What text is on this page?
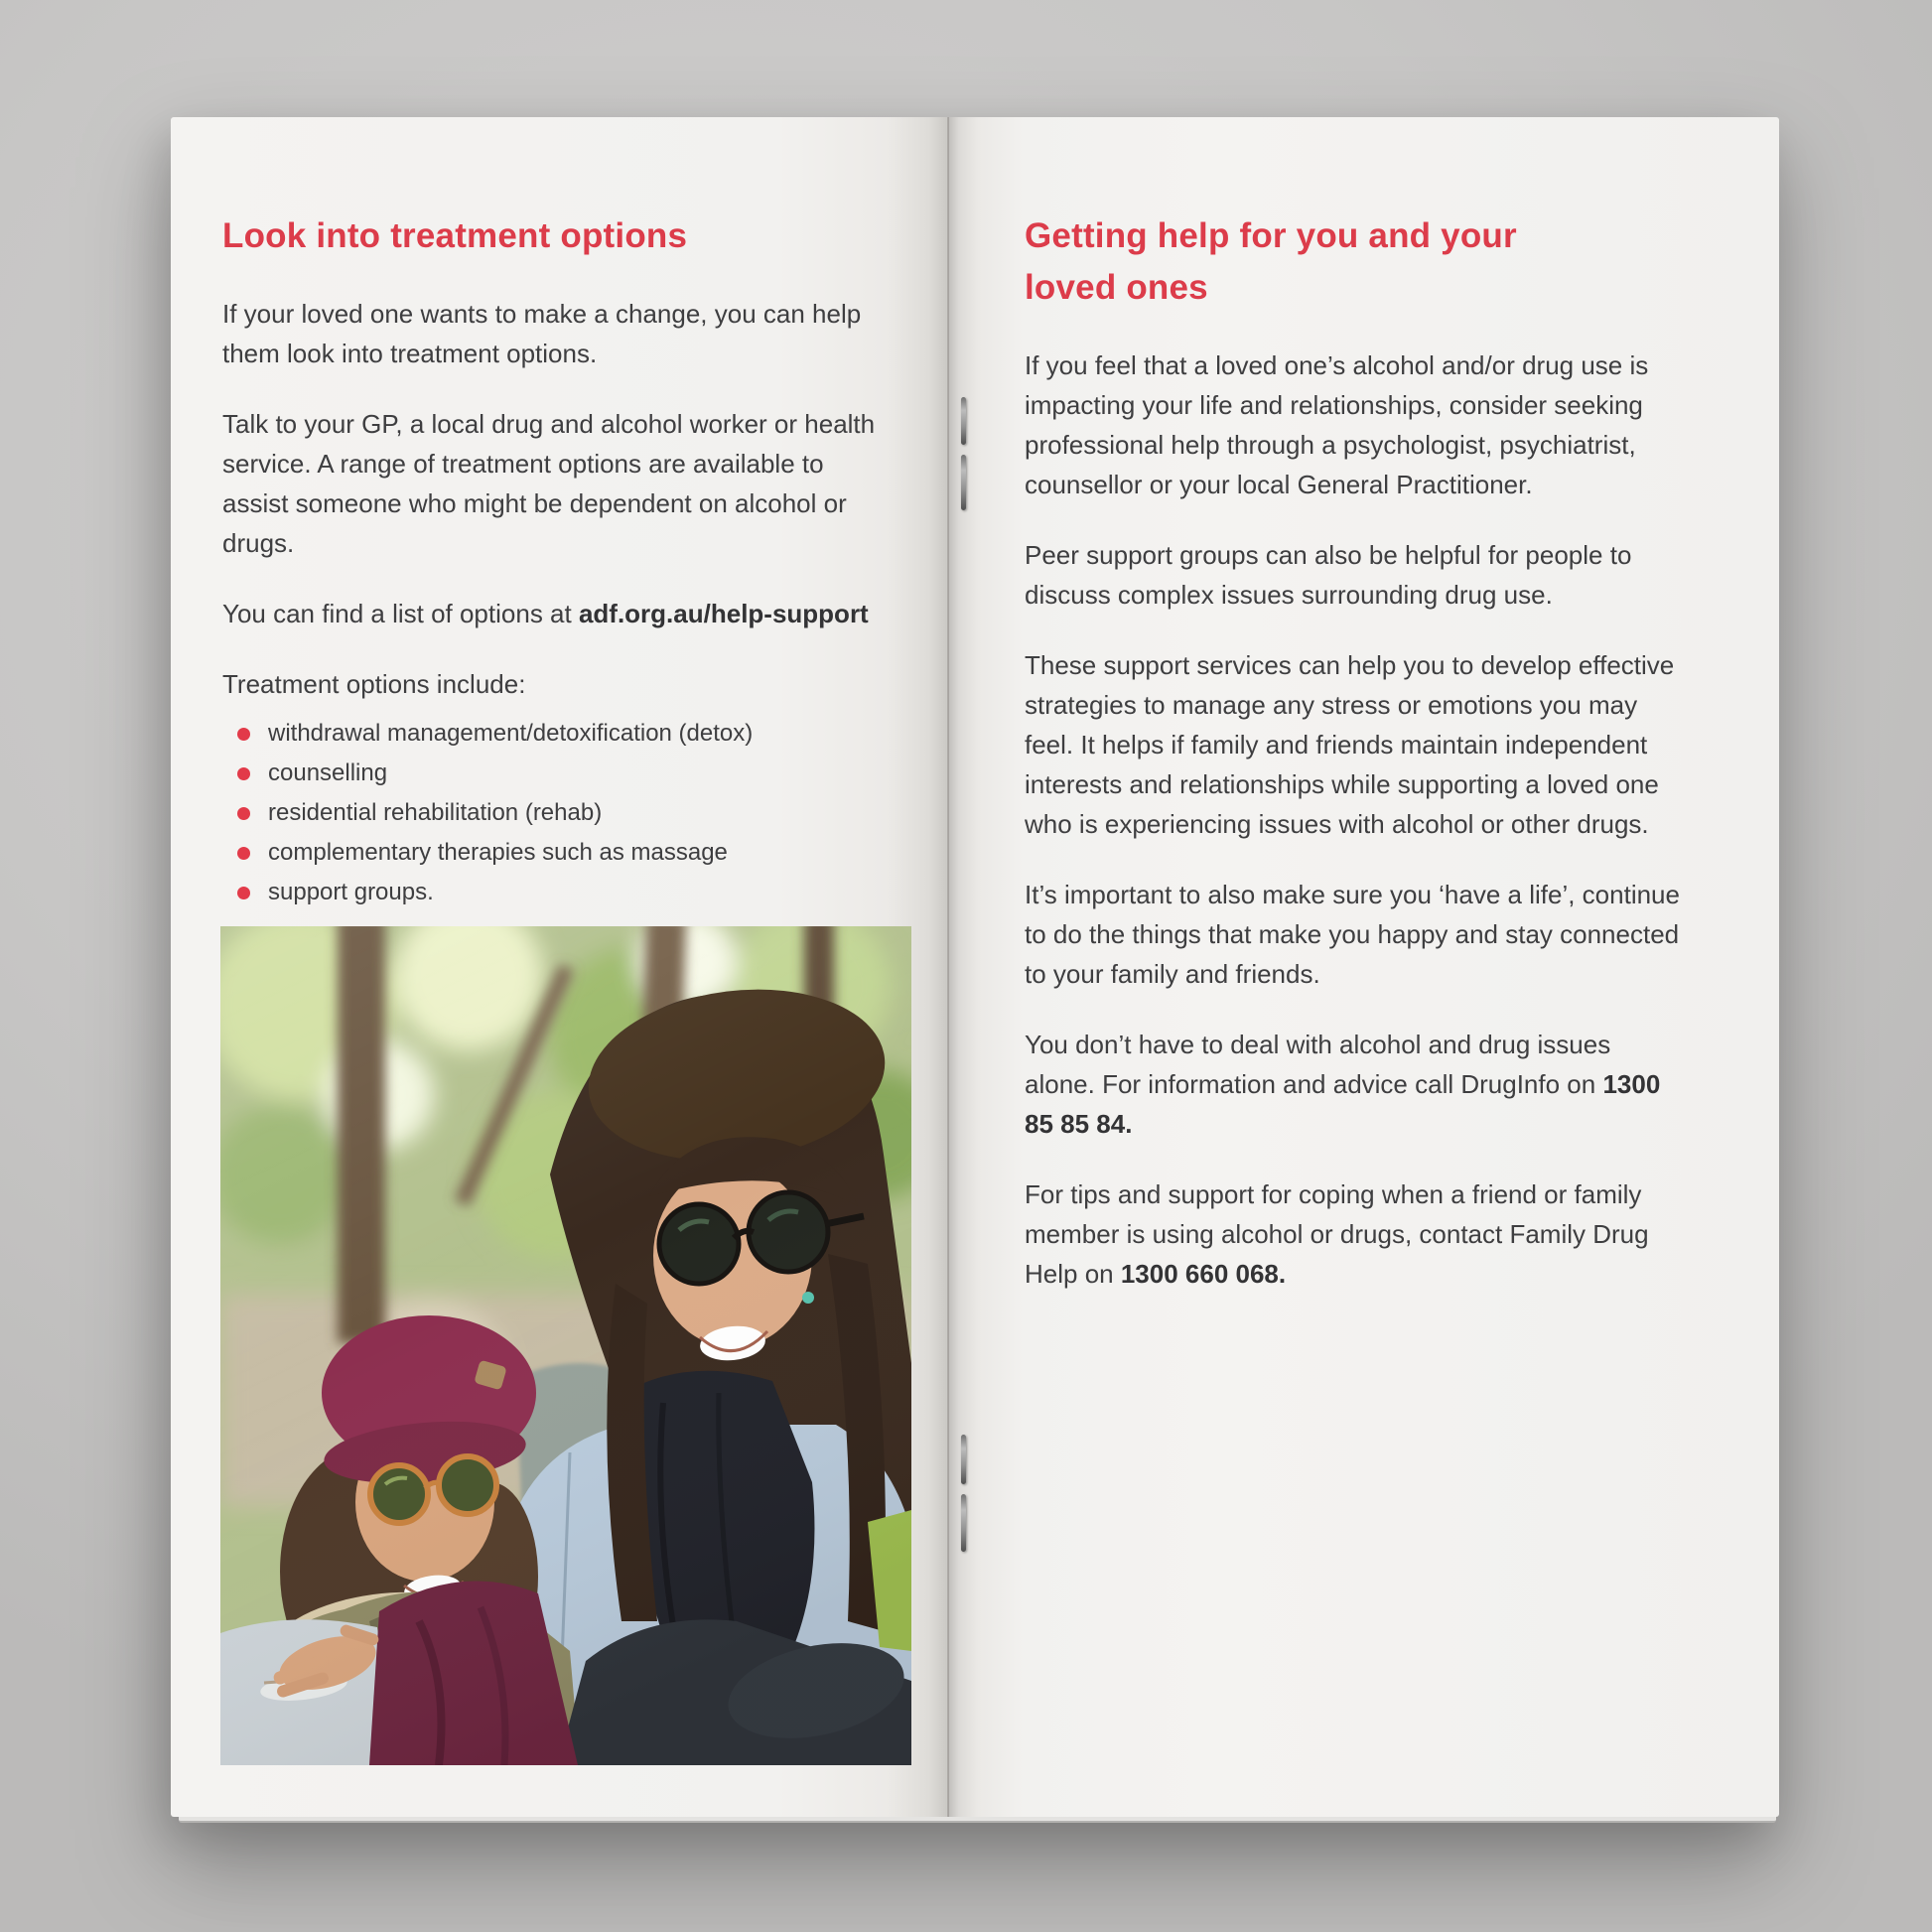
Look into treatment options

If your loved one wants to make a change, you can help them look into treatment options.

Talk to your GP, a local drug and alcohol worker or health service. A range of treatment options are available to assist someone who might be dependent on alcohol or drugs.

You can find a list of options at adf.org.au/help-support

Treatment options include:

withdrawal management/detoxification (detox)
counselling
residential rehabilitation (rehab)
complementary therapies such as massage
support groups.
Getting help for you and your
loved ones

If you feel that a loved one’s alcohol and/or drug use is impacting your life and relationships, consider seeking professional help through a psychologist, psychiatrist, counsellor or your local General Practitioner.

Peer support groups can also be helpful for people to discuss complex issues surrounding drug use.

These support services can help you to develop effective strategies to manage any stress or emotions you may feel. It helps if family and friends maintain independent interests and relationships while supporting a loved one who is experiencing issues with alcohol or other drugs.

It’s important to also make sure you ‘have a life’, continue to do the things that make you happy and stay connected to your family and friends.

You don’t have to deal with alcohol and drug issues alone. For information and advice call DrugInfo on 1300 85 85 84.

For tips and support for coping when a friend or family member is using alcohol or drugs, contact Family Drug Help on 1300 660 068.
